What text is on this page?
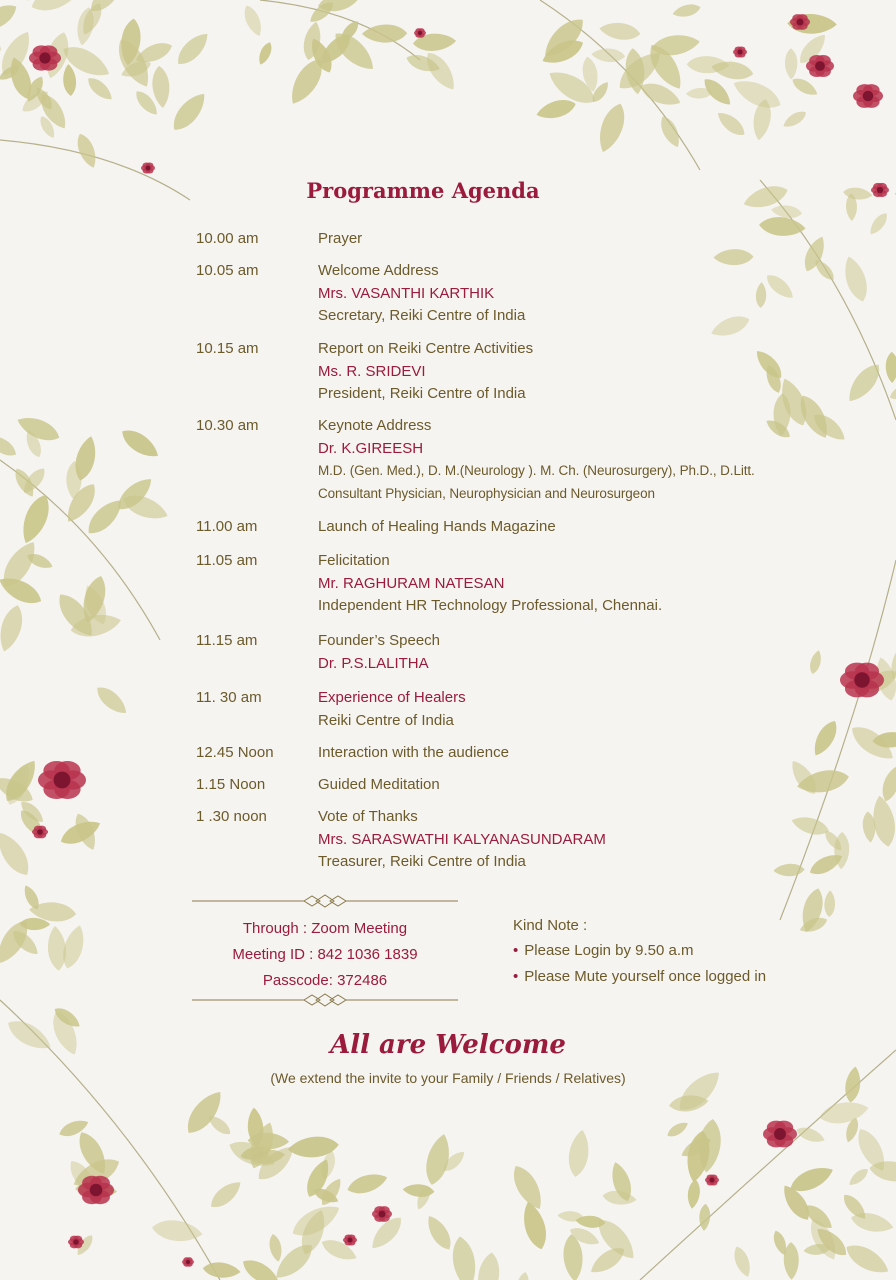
Programme Agenda
10.00 am	Prayer
10.05 am	Welcome Address
Mrs. VASANTHI KARTHIK
Secretary, Reiki Centre of India
10.15 am	Report on Reiki Centre Activities
Ms. R. SRIDEVI
President, Reiki Centre of India
10.30 am	Keynote Address
Dr. K.GIREESH
M.D. (Gen. Med.), D. M.(Neurology ). M. Ch. (Neurosurgery), Ph.D., D.Litt.
Consultant Physician, Neurophysician and Neurosurgeon
11.00 am	Launch of Healing Hands Magazine
11.05 am	Felicitation
Mr. RAGHURAM NATESAN
Independent HR Technology Professional, Chennai.
11.15 am	Founder’s Speech
Dr. P.S.LALITHA
11. 30 am	Experience of Healers
Reiki Centre of India
12.45 Noon	Interaction with the audience
1.15 Noon	Guided Meditation
1 .30 noon	Vote of Thanks
Mrs. SARASWATHI KALYANASUNDARAM
Treasurer, Reiki Centre of India
Through : Zoom Meeting
Meeting ID : 842 1036 1839
Passcode: 372486
Kind Note :
• Please Login by 9.50 a.m
• Please Mute yourself once logged in
All are Welcome
(We extend the invite to your Family / Friends / Relatives)
